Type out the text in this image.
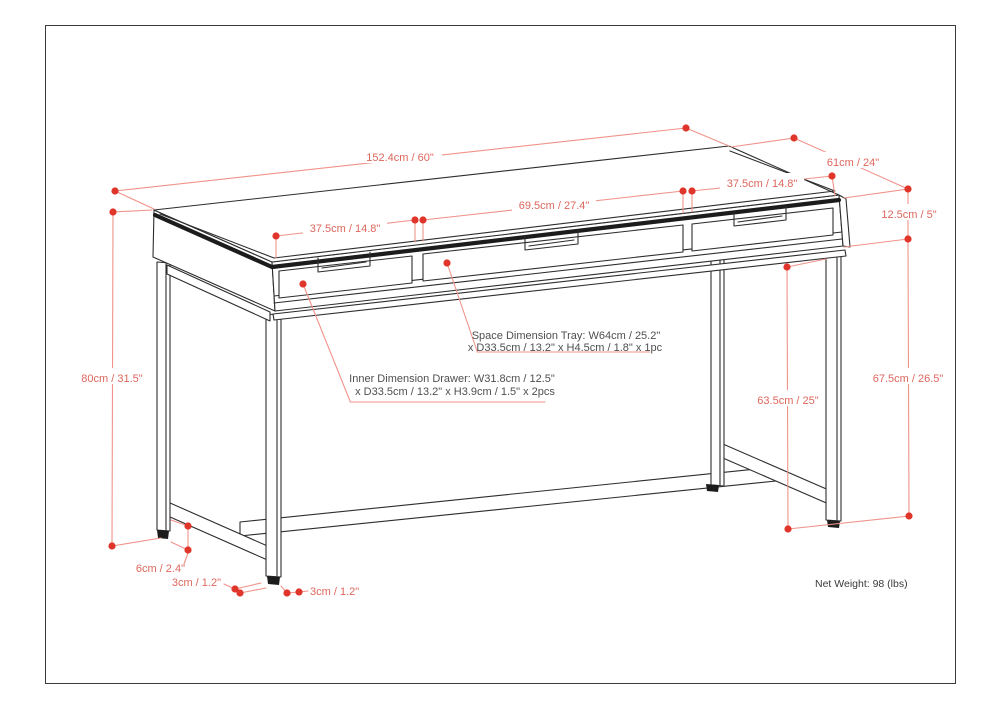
152.4cm / 60"	61cm / 24"
12.5cm / 5"
37.5cm / 14.8"
69.5cm / 27.4"
37.5cm / 14.8"
80cm / 31.5"	67.5cm / 26.5"
63.5cm / 25"
6cm / 2.4"
3cm / 1.2"
3cm / 1.2"
Space Dimension Tray: W64cm / 25.2"
x D33.5cm / 13.2" x H4.5cm / 1.8" x 1pc
Inner Dimension Drawer: W31.8cm / 12.5"
x D33.5cm / 13.2" x H3.9cm / 1.5" x 2pcs
Net Weight: 98 (lbs)
